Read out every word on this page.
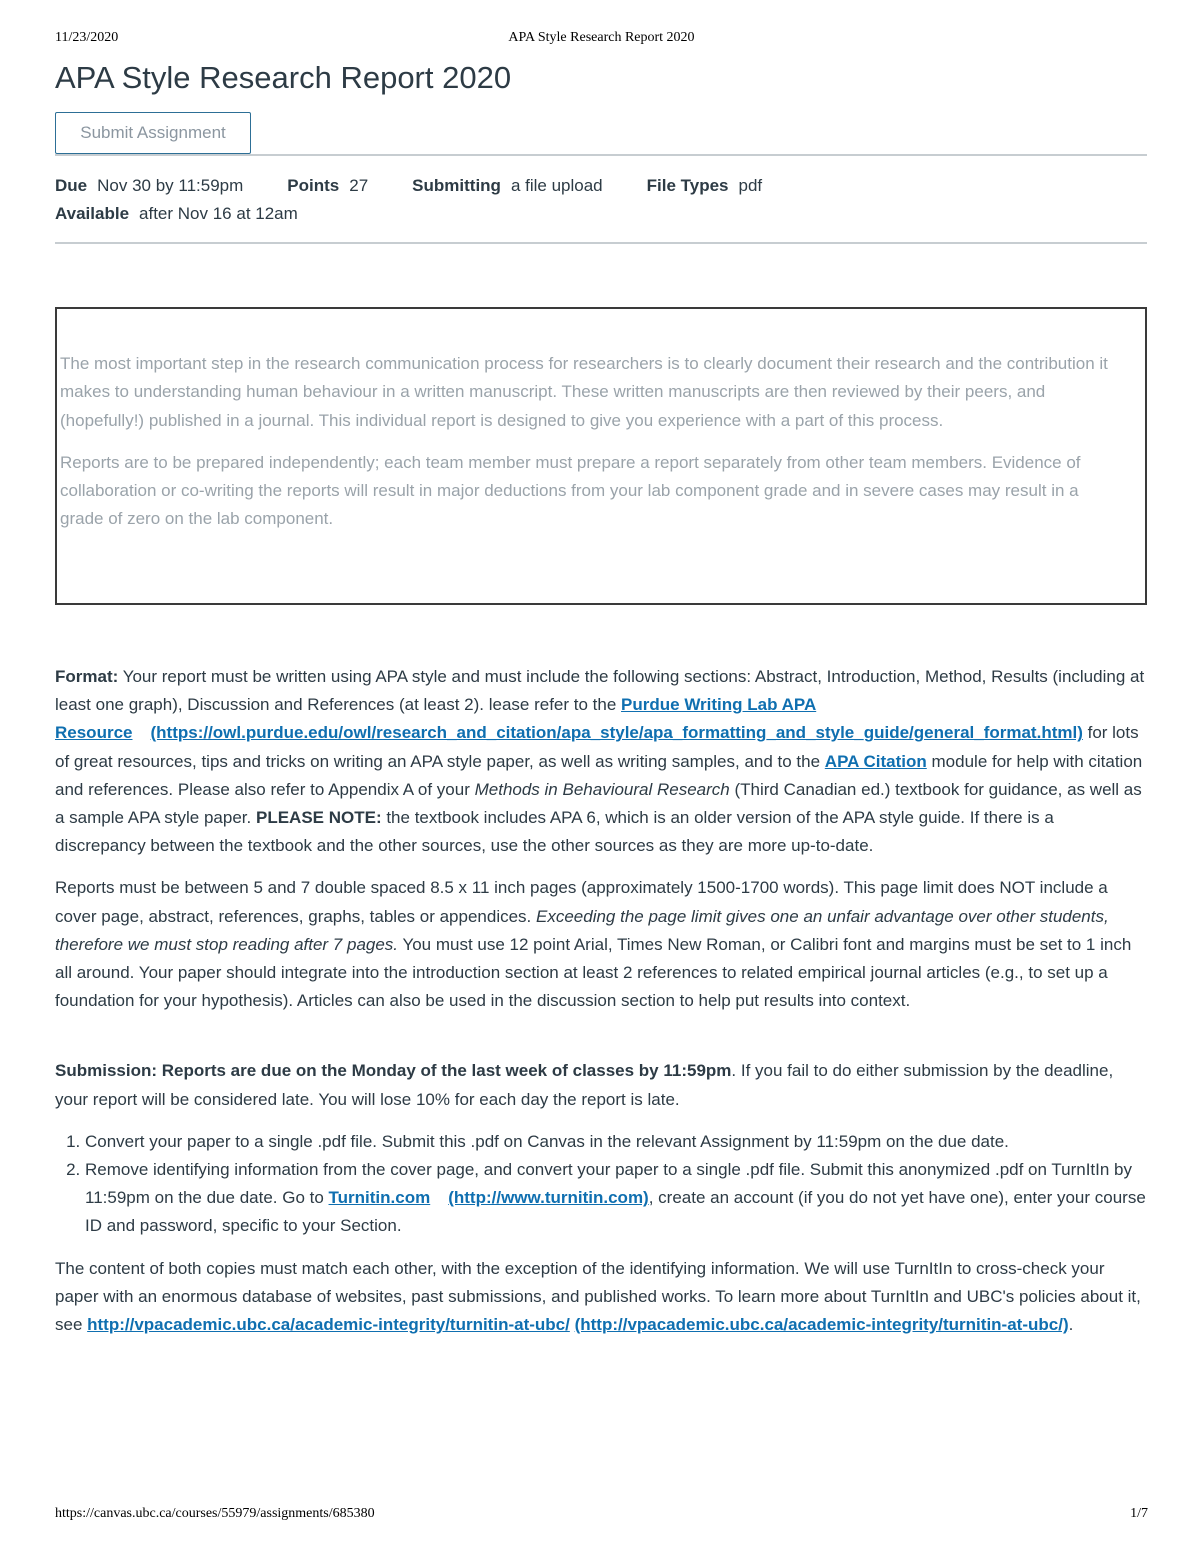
11/23/2020	APA Style Research Report 2020
APA Style Research Report 2020
Submit Assignment
Due Nov 30 by 11:59pm	Points 27	Submitting a file upload	File Types pdf
Available after Nov 16 at 12am

The most important step in the research communication process for researchers is to clearly document their research and the contribution it makes to understanding human behaviour in a written manuscript. These written manuscripts are then reviewed by their peers, and (hopefully!) published in a journal. This individual report is designed to give you experience with a part of this process.

Reports are to be prepared independently; each team member must prepare a report separately from other team members. Evidence of collaboration or co-writing the reports will result in major deductions from your lab component grade and in severe cases may result in a grade of zero on the lab component.

Format: Your report must be written using APA style and must include the following sections: Abstract, Introduction, Method, Results (including at least one graph), Discussion and References (at least 2). lease refer to the Purdue Writing Lab APA Resource (https://owl.purdue.edu/owl/research_and_citation/apa_style/apa_formatting_and_style_guide/general_format.html) for lots of great resources, tips and tricks on writing an APA style paper, as well as writing samples, and to the APA Citation module for help with citation and references. Please also refer to Appendix A of your Methods in Behavioural Research (Third Canadian ed.) textbook for guidance, as well as a sample APA style paper. PLEASE NOTE: the textbook includes APA 6, which is an older version of the APA style guide. If there is a discrepancy between the textbook and the other sources, use the other sources as they are more up-to-date.

Reports must be between 5 and 7 double spaced 8.5 x 11 inch pages (approximately 1500-1700 words). This page limit does NOT include a cover page, abstract, references, graphs, tables or appendices. Exceeding the page limit gives one an unfair advantage over other students, therefore we must stop reading after 7 pages. You must use 12 point Arial, Times New Roman, or Calibri font and margins must be set to 1 inch all around. Your paper should integrate into the introduction section at least 2 references to related empirical journal articles (e.g., to set up a foundation for your hypothesis). Articles can also be used in the discussion section to help put results into context.

Submission: Reports are due on the Monday of the last week of classes by 11:59pm. If you fail to do either submission by the deadline, your report will be considered late. You will lose 10% for each day the report is late.

1. Convert your paper to a single .pdf file. Submit this .pdf on Canvas in the relevant Assignment by 11:59pm on the due date.
2. Remove identifying information from the cover page, and convert your paper to a single .pdf file. Submit this anonymized .pdf on TurnItIn by 11:59pm on the due date. Go to Turnitin.com (http://www.turnitin.com), create an account (if you do not yet have one), enter your course ID and password, specific to your Section.

The content of both copies must match each other, with the exception of the identifying information. We will use TurnItIn to cross-check your paper with an enormous database of websites, past submissions, and published works. To learn more about TurnItIn and UBC's policies about it, see http://vpacademic.ubc.ca/academic-integrity/turnitin-at-ubc/ (http://vpacademic.ubc.ca/academic-integrity/turnitin-at-ubc/).

https://canvas.ubc.ca/courses/55979/assignments/685380	1/7
